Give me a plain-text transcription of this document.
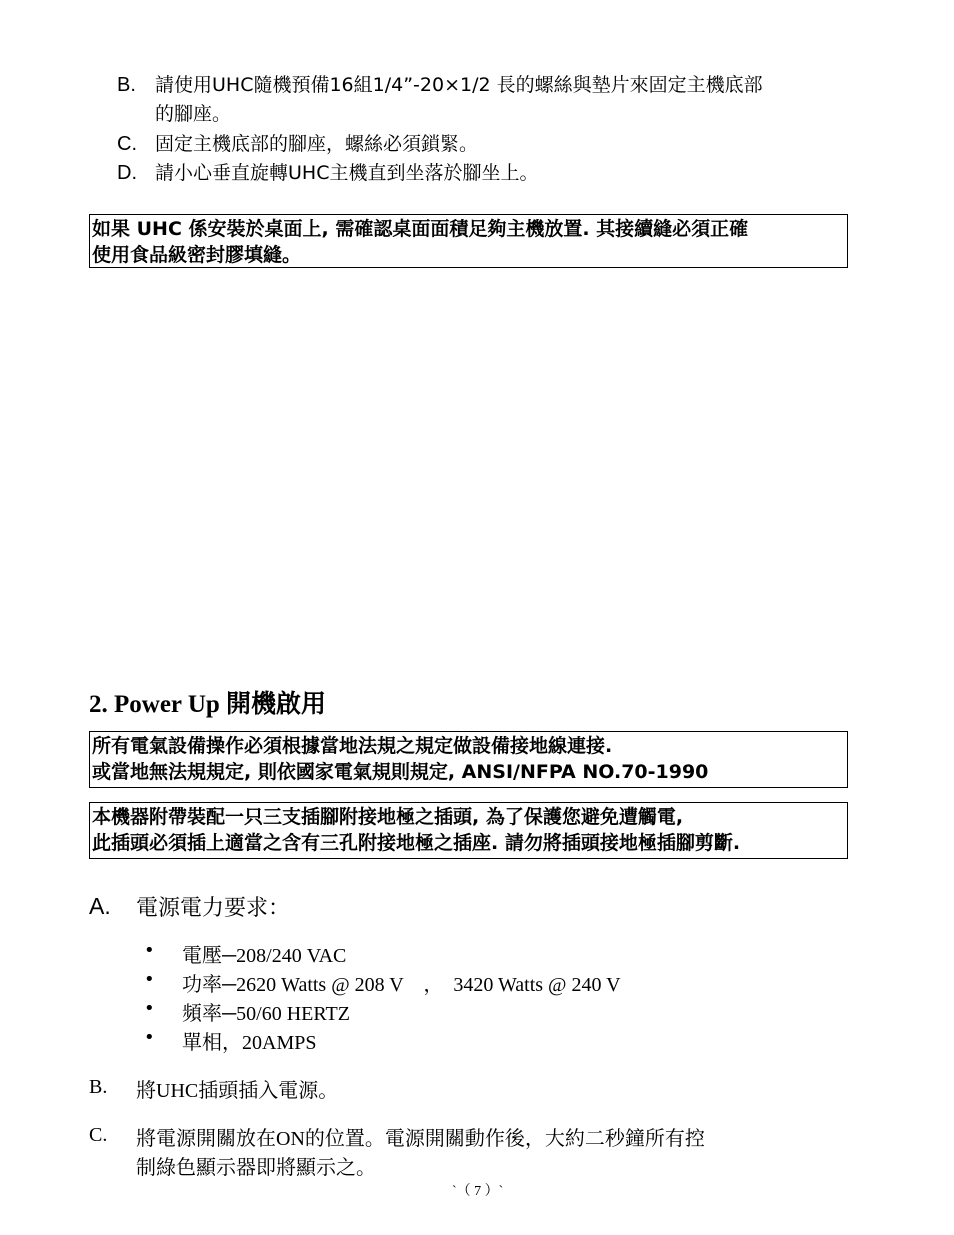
B. 請使用UHC隨機預備16組1/4”-20×1/2 長的螺絲與墊片來固定主機底部
的腳座。
C. 固定主機底部的腳座，螺絲必須鎖緊。
D. 請小心垂直旋轉UHC主機直到坐落於腳坐上。
如果 UHC 係安裝於桌面上, 需確認桌面面積足夠主機放置. 其接續縫必須正確
使用食品級密封膠填縫。
2. Power Up 開機啟用
所有電氣設備操作必須根據當地法規之規定做設備接地線連接.
或當地無法規規定, 則依國家電氣規則規定, ANSI/NFPA NO.70-1990
本機器附帶裝配一只三支插腳附接地極之插頭, 為了保護您避免遭觸電,
此插頭必須插上適當之含有三孔附接地極之插座. 請勿將插頭接地極插腳剪斷.
A. 電源電力要求：
• 電壓─208/240 VAC
• 功率─2620 Watts @ 208 V　，　3420 Watts @ 240 V
• 頻率─50/60 HERTZ
• 單相，20AMPS
B. 將UHC插頭插入電源。
C. 將電源開關放在ON的位置。電源開關動作後，大約二秒鐘所有控
制綠色顯示器即將顯示之。
`（ 7 ）`
